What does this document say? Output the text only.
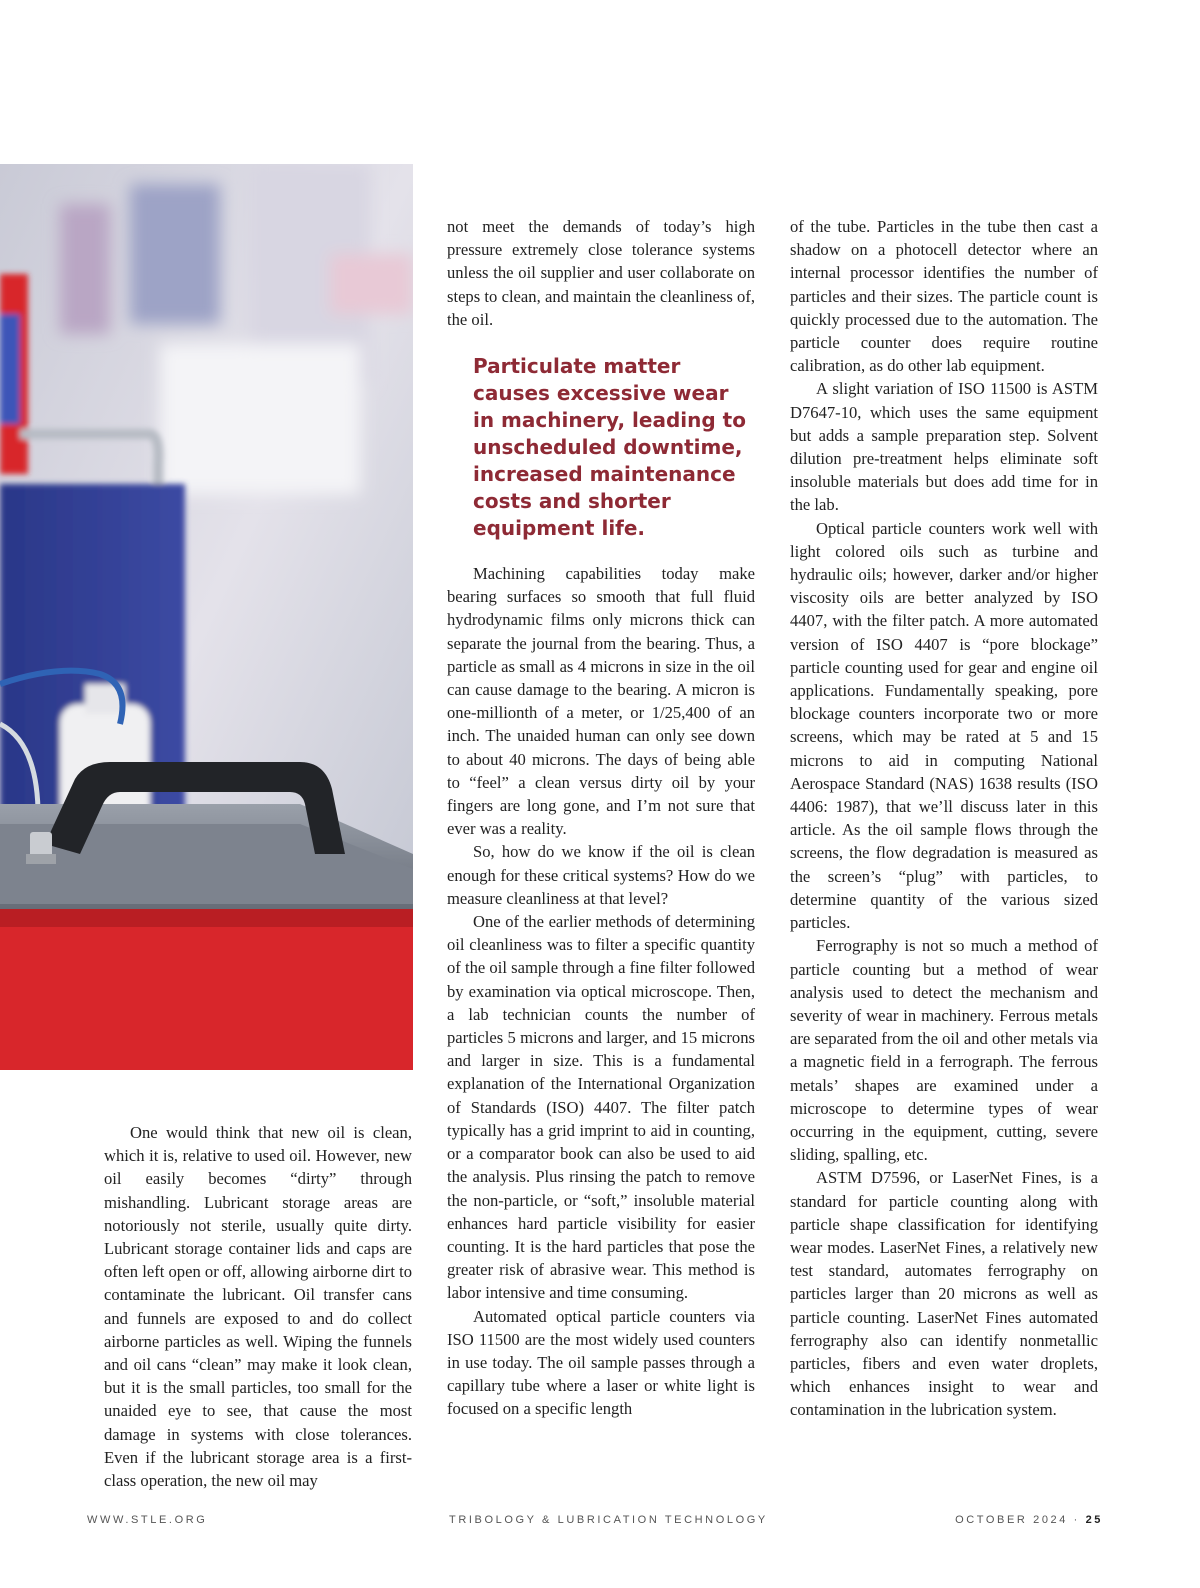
One would think that new oil is clean, which it is, relative to used oil. However, new oil easily becomes “dirty” through mishandling. Lubricant storage areas are notoriously not sterile, usually quite dirty. Lubricant storage container lids and caps are often left open or off, allowing airborne dirt to contaminate the lubricant. Oil transfer cans and funnels are exposed to and do collect airborne particles as well. Wiping the funnels and oil cans “clean” may make it look clean, but it is the small particles, too small for the unaided eye to see, that cause the most damage in systems with close tolerances. Even if the lubricant storage area is a first-class operation, the new oil may

not meet the demands of today’s high pressure extremely close tolerance systems unless the oil supplier and user collaborate on steps to clean, and maintain the cleanliness of, the oil.

Particulate matter causes excessive wear in machinery, leading to unscheduled downtime, increased maintenance costs and shorter equipment life.

Machining capabilities today make bearing surfaces so smooth that full fluid hydrodynamic films only microns thick can separate the journal from the bearing. Thus, a particle as small as 4 microns in size in the oil can cause damage to the bearing. A micron is one-millionth of a meter, or 1/25,400 of an inch. The unaided human can only see down to about 40 microns. The days of being able to “feel” a clean versus dirty oil by your fingers are long gone, and I’m not sure that ever was a reality.

So, how do we know if the oil is clean enough for these critical systems? How do we measure cleanliness at that level?

One of the earlier methods of determining oil cleanliness was to filter a specific quantity of the oil sample through a fine filter followed by examination via optical microscope. Then, a lab technician counts the number of particles 5 microns and larger, and 15 microns and larger in size. This is a fundamental explanation of the International Organization of Standards (ISO) 4407. The filter patch typically has a grid imprint to aid in counting, or a comparator book can also be used to aid the analysis. Plus rinsing the patch to remove the non-particle, or “soft,” insoluble material enhances hard particle visibility for easier counting. It is the hard particles that pose the greater risk of abrasive wear. This method is labor intensive and time consuming.

Automated optical particle counters via ISO 11500 are the most widely used counters in use today. The oil sample passes through a capillary tube where a laser or white light is focused on a specific length

of the tube. Particles in the tube then cast a shadow on a photocell detector where an internal processor identifies the number of particles and their sizes. The particle count is quickly processed due to the automation. The particle counter does require routine calibration, as do other lab equipment.

A slight variation of ISO 11500 is ASTM D7647-10, which uses the same equipment but adds a sample preparation step. Solvent dilution pre-treatment helps eliminate soft insoluble materials but does add time for in the lab.

Optical particle counters work well with light colored oils such as turbine and hydraulic oils; however, darker and/or higher viscosity oils are better analyzed by ISO 4407, with the filter patch. A more automated version of ISO 4407 is “pore blockage” particle counting used for gear and engine oil applications. Fundamentally speaking, pore blockage counters incorporate two or more screens, which may be rated at 5 and 15 microns to aid in computing National Aerospace Standard (NAS) 1638 results (ISO 4406: 1987), that we’ll discuss later in this article. As the oil sample flows through the screens, the flow degradation is measured as the screen’s “plug” with particles, to determine quantity of the various sized particles.

Ferrography is not so much a method of particle counting but a method of wear analysis used to detect the mechanism and severity of wear in machinery. Ferrous metals are separated from the oil and other metals via a magnetic field in a ferrograph. The ferrous metals’ shapes are examined under a microscope to determine types of wear occurring in the equipment, cutting, severe sliding, spalling, etc.

ASTM D7596, or LaserNet Fines, is a standard for particle counting along with particle shape classification for identifying wear modes. LaserNet Fines, a relatively new test standard, automates ferrography on particles larger than 20 microns as well as particle counting. LaserNet Fines automated ferrography also can identify nonmetallic particles, fibers and even water droplets, which enhances insight to wear and contamination in the lubrication system.

WWW.STLE.ORG	TRIBOLOGY & LUBRICATION TECHNOLOGY	OCTOBER 2024 · 25
